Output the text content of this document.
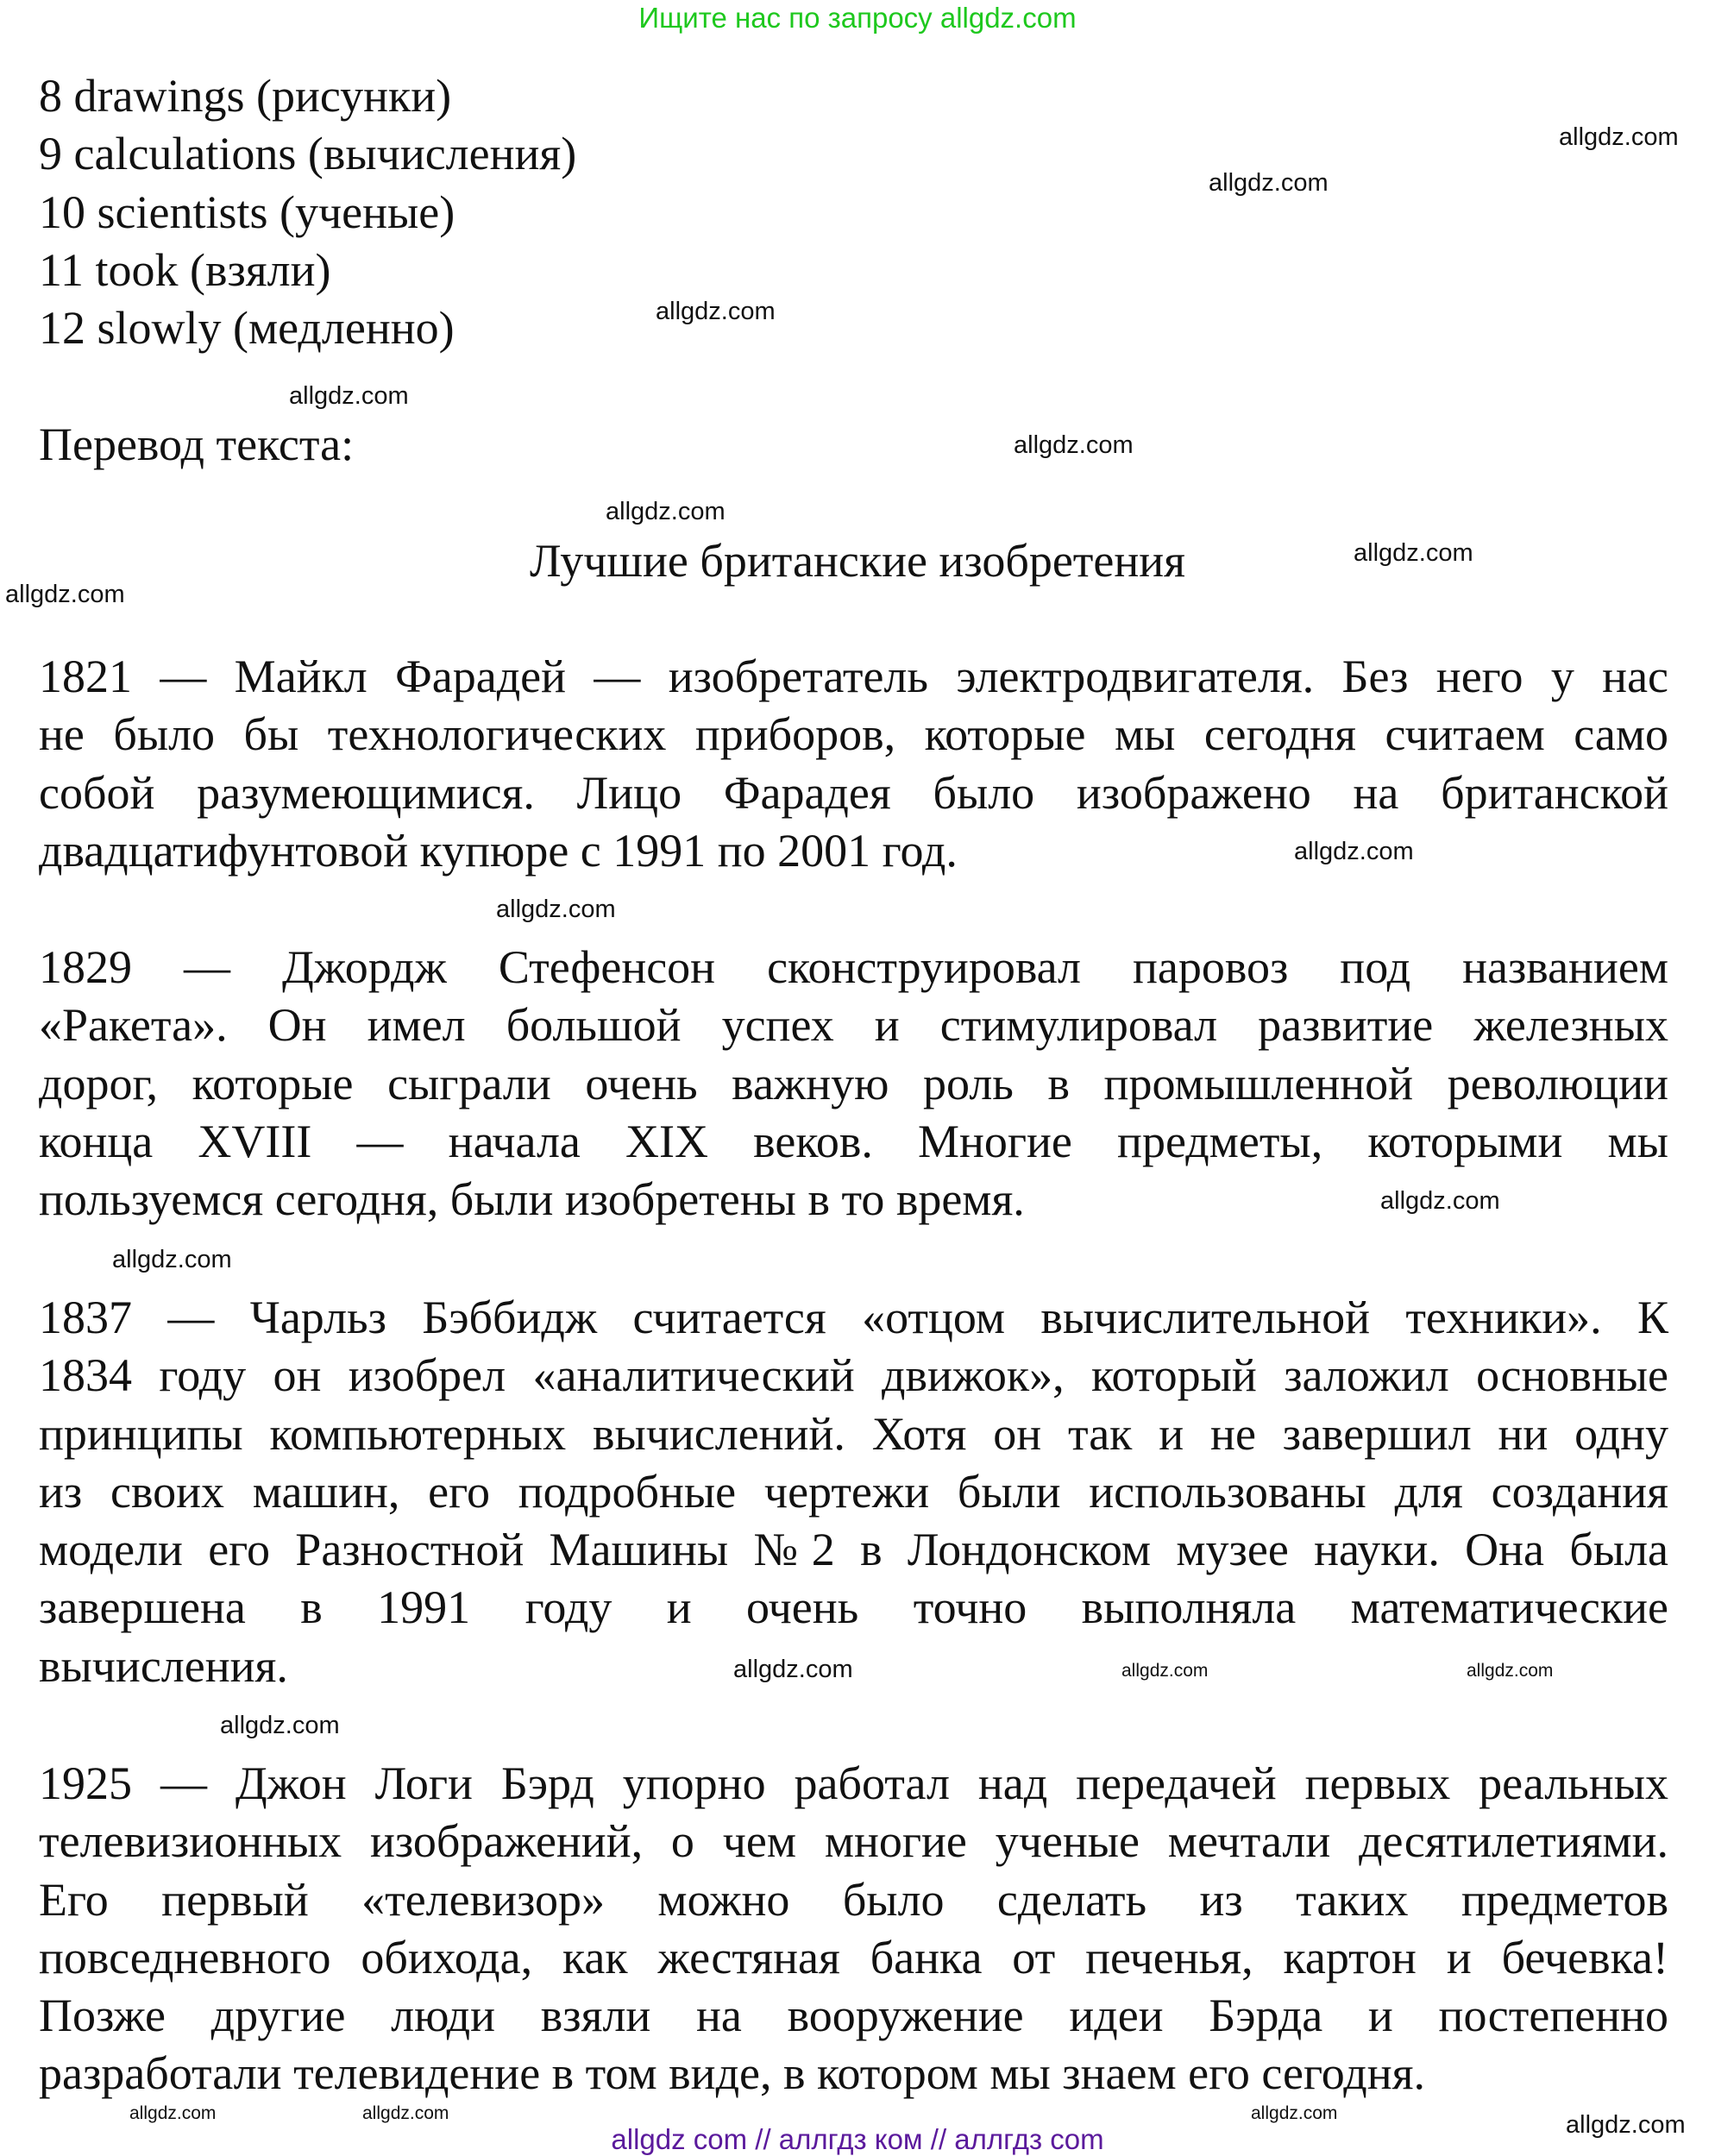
Ищите нас по запросу allgdz.com
8 drawings (рисунки)
9 calculations (вычисления)
10 scientists (ученые)
11 took (взяли)
12 slowly (медленно)
Перевод текста:
Лучшие британские изобретения
1821 — Майкл Фарадей — изобретатель электродвигателя. Без него у нас
не было бы технологических приборов, которые мы сегодня считаем само
собой разумеющимися. Лицо Фарадея было изображено на британской
двадцатифунтовой купюре с 1991 по 2001 год.
1829 — Джордж Стефенсон сконструировал паровоз под названием
«Ракета». Он имел большой успех и стимулировал развитие железных
дорог, которые сыграли очень важную роль в промышленной революции
конца XVIII — начала XIX веков. Многие предметы, которыми мы
пользуемся сегодня, были изобретены в то время.
1837 — Чарльз Бэббидж считается «отцом вычислительной техники». К
1834 году он изобрел «аналитический движок», который заложил основные
принципы компьютерных вычислений. Хотя он так и не завершил ни одну
из своих машин, его подробные чертежи были использованы для создания
модели его Разностной Машины №2 в Лондонском музее науки. Она была
завершена в 1991 году и очень точно выполняла математические
вычисления.
1925 — Джон Логи Бэрд упорно работал над передачей первых реальных
телевизионных изображений, о чем многие ученые мечтали десятилетиями.
Его первый «телевизор» можно было сделать из таких предметов
повседневного обихода, как жестяная банка от печенья, картон и бечевка!
Позже другие люди взяли на вооружение идеи Бэрда и постепенно
разработали телевидение в том виде, в котором мы знаем его сегодня.
allgdz.com
allgdz.com
allgdz.com
allgdz.com
allgdz.com
allgdz.com
allgdz.com
allgdz.com
allgdz.com
allgdz.com
allgdz.com
allgdz.com
allgdz.com	allgdz.com
allgdz.com
allgdz.com
allgdz.com	allgdz.com	allgdz.com	allgdz.com
allgdz com // аллгдз ком // аллгдз com
